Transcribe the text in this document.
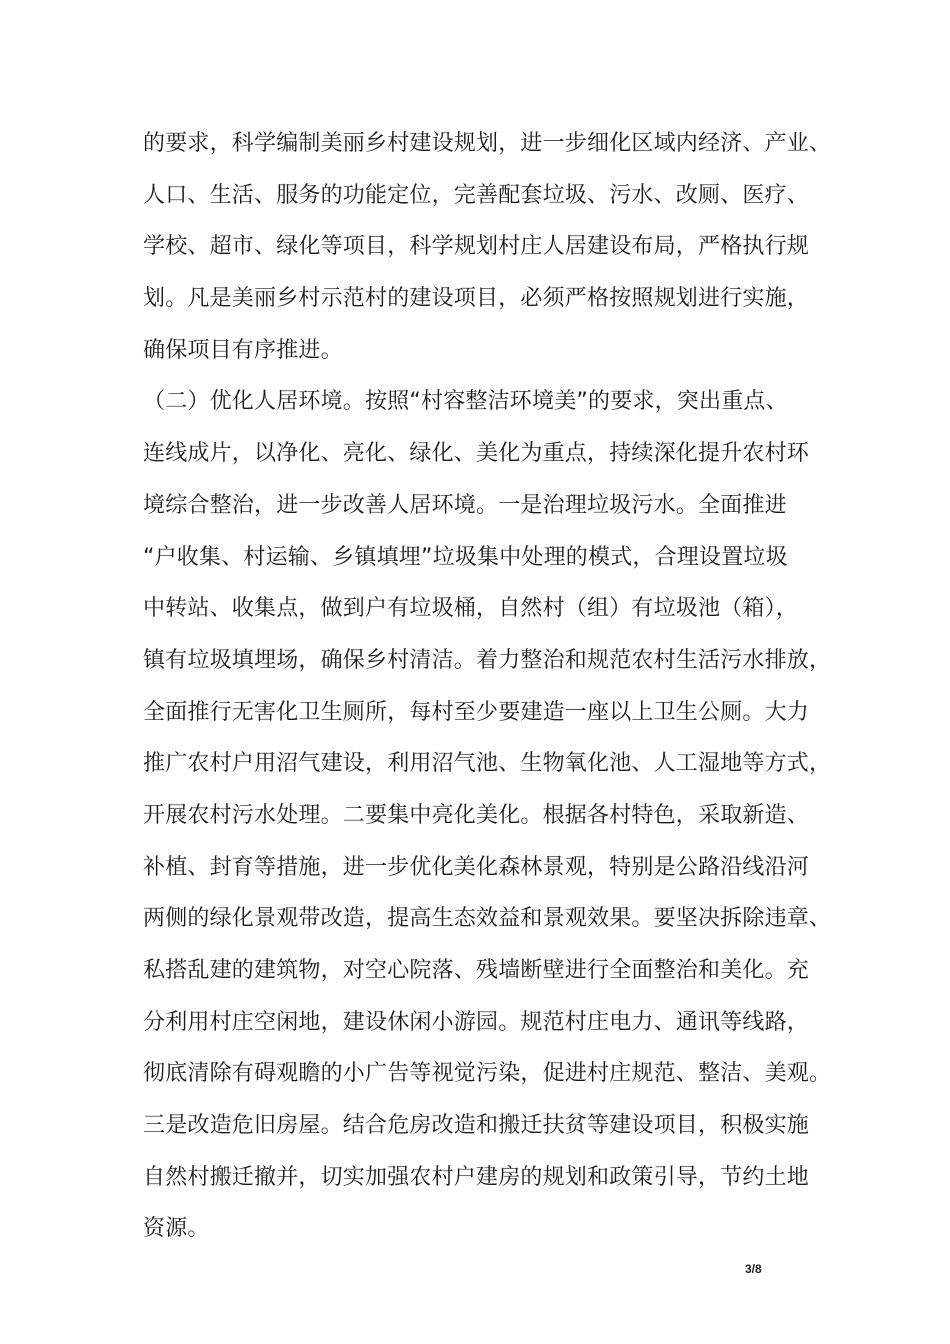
的要求，科学编制美丽乡村建设规划，进一步细化区域内经济、产业、
人口、生活、服务的功能定位，完善配套垃圾、污水、改厕、医疗、
学校、超市、绿化等项目，科学规划村庄人居建设布局，严格执行规
划。凡是美丽乡村示范村的建设项目，必须严格按照规划进行实施，
确保项目有序推进。
（二）优化人居环境。按照“村容整洁环境美”的要求，突出重点、
连线成片，以净化、亮化、绿化、美化为重点，持续深化提升农村环
境综合整治，进一步改善人居环境。一是治理垃圾污水。全面推进
“户收集、村运输、乡镇填埋”垃圾集中处理的模式，合理设置垃圾
中转站、收集点，做到户有垃圾桶，自然村（组）有垃圾池（箱），
镇有垃圾填埋场，确保乡村清洁。着力整治和规范农村生活污水排放，
全面推行无害化卫生厕所，每村至少要建造一座以上卫生公厕。大力
推广农村户用沼气建设，利用沼气池、生物氧化池、人工湿地等方式，
开展农村污水处理。二要集中亮化美化。根据各村特色，采取新造、
补植、封育等措施，进一步优化美化森林景观，特别是公路沿线沿河
两侧的绿化景观带改造，提高生态效益和景观效果。要坚决拆除违章、
私搭乱建的建筑物，对空心院落、残墙断壁进行全面整治和美化。充
分利用村庄空闲地，建设休闲小游园。规范村庄电力、通讯等线路，
彻底清除有碍观瞻的小广告等视觉污染，促进村庄规范、整洁、美观。
三是改造危旧房屋。结合危房改造和搬迁扶贫等建设项目，积极实施
自然村搬迁撤并，切实加强农村户建房的规划和政策引导，节约土地
资源。
3/8
